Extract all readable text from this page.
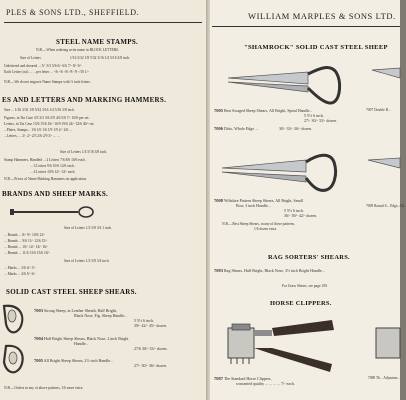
PLES & SONS LTD., SHEFFIELD.
STEEL NAME STAMPS.
N.B.—When ordering write name in BLOCK LETTERS.
Size of Letters	1/16 3/32 1/8 5/32 3/16 1/4 5/16 3/8 inch.
Unlettered and sheared ... 5/- 5/3 5/6 6/- 6/6 7/- 8/- 9/-
Each Letter (cut) ... ... per letter ... -/6 -/6 -/8 -/8 -/9 -/10 1/-
N.B.—We do not engrave Name Stamps with ½ inch letters.
ES AND LETTERS AND MARKING HAMMERS.
Size ... 1/16 3/32 1/8 5/32 3/16 1/4 5/16 3/8 inch.
Figures, in Tin Case 3/3 3/3 3/6 3/9 4/6 5/6 7/- 10/6 per set.
Letters, in Tin Case 15/6 15/6 16/- 16/9 19/6 24/- 32/6 40/- set.
...Plates, Stamps... 1/6 1/6 1/6 1/9 1/9 2/- 2/6 ...
...Letters, ... 2/- 2/- 2/3 2/6 2/9 3/- ... ...
Size of Letters 1/4 5/16 3/8 inch.
Stamp Hammers, Handled ... 2 Letters 7/6 8/6 10/6 each.
... 3 Letters 9/6 10/6 12/6 each.
... 4 Letters 10/6 12/- 14/- each.
N.B.—Prices of Name Marking Hammers on application.
BRANDS AND SHEEP MARKS.
Size of Letters 1/2 5/8 3/4 1 inch.
... Brands ... 8/- 9/- 10/6 12/-
... Brands ... 9/6 11/- 12/6 15/-
... Brands ... 10/- 12/- 14/- 16/-
... Brands ... 11/6 13/6 15/6 18/-
Size of Letters 1/2 5/8 3/4 inch.
... Marks ... 3/6 4/- 5/-
... Marks ... 4/6 5/- 6/-
SOLID CAST STEEL SHEEP SHEARS.
7003 Strong Sheep, in Leather Sheath, Half Bright,
Black Nose, Fig. Sheep Handle...
5 5½ 6 inch.
39/- 42/- 45/- dozen.
7004 Half Bright Sheep Shears, Black Nose, 2 inch Bright
Handle...
27/6 30/- 33/- dozen.
7005 All Bright Sheep Shears, 2½ inch Handle...
27/- 30/- 36/- dozen.
N.B.—Orders in any of above patterns, 1/6 more extra.
WILLIAM MARPLES & SONS LTD.
"SHAMROCK" SOLID CAST STEEL SHEEP
7005 Best Swaged Sheep Shears, All Bright, Spiral Handle...
5 5½ 6 inch.
27/- 30/- 33/- dozen.
7006 Ditto, Whole Edge ...	30/- 33/- 36/- dozen.
7008 Wiltshire Pattern Sheep Shears, All Bright, Small
Bow, 3 inch Handle...
5 5½ 6 inch.
36/- 39/- 42/- dozen.
N.B.—Best Sheep Shears, in any of these patterns,
1/6 dozen extra.
7007 Double B...
7009 Round S... Edge, All...
RAG SORTERS' SHEARS.
7083 Rag Shears, Half Bright, Black Nose, 3½ inch Bright Handle...
For Grass Shears, see page 100.
HORSE CLIPPERS.
7087 The Standard Horse Clippers,
warranted quality ... ... ... ... 7/- each.
7089 Th... Adjustme...
